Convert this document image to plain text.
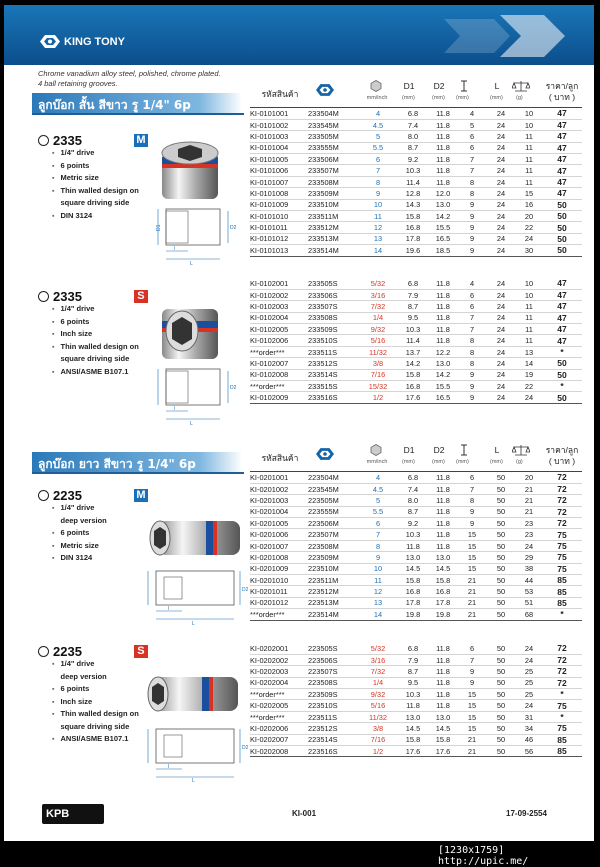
KING TONY
Chrome vanadium alloy steel, polished, chrome plated.
4 ball retaining grooves.
ลูกบ๊อก สั้น สีขาว รู 1/4" 6p
รหัสสินค้า	mm/inch
D1
(mm)
D2
(mm) (mm)
L
(mm) (g)
ราคา/ลูก
( บาท )
2335	M
▪ 1/4" drive
▪ 6 points
▪ Metric size
▪ Thin walled design on
square driving side
▪ DIN 3124
D1	D2
l
L
2335	S
▪ 1/4" drive
▪ 6 points
▪ Inch size
▪ Thin walled design on
square driving side
▪ ANSI/ASME B107.1
D2
l
L
KI-0101001	233504M	4	6.8	11.8	4	24	10	47
KI-0101002	233545M	4.5	7.4	11.8	5	24	10	47
KI-0101003	233505M	5	8.0	11.8	6	24	11	47
KI-0101004	233555M	5.5	8.7	11.8	6	24	11	47
KI-0101005	233506M	6	9.2	11.8	7	24	11	47
KI-0101006	233507M	7	10.3	11.8	7	24	11	47
KI-0101007	233508M	8	11.4	11.8	8	24	11	47
KI-0101008	233509M	9	12.8	12.0	8	24	15	47
KI-0101009	233510M	10	14.3	13.0	9	24	16	50
KI-0101010	233511M	11	15.8	14.2	9	24	20	50
KI-0101011	233512M	12	16.8	15.5	9	24	22	50
KI-0101012	233513M	13	17.8	16.5	9	24	24	50
KI-0101013	233514M	14	19.6	18.5	9	24	30	50
KI-0102001	233505S	5/32	6.8	11.8	4	24	10	47
KI-0102002	233506S	3/16	7.9	11.8	6	24	10	47
KI-0102003	233507S	7/32	8.7	11.8	6	24	11	47
KI-0102004	233508S	1/4	9.5	11.8	7	24	11	47
KI-0102005	233509S	9/32	10.3	11.8	7	24	11	47
KI-0102006	233510S	5/16	11.4	11.8	8	24	11	47
***order***	233511S	11/32	13.7	12.2	8	24	13	*
KI-0102007	233512S	3/8	14.2	13.0	8	24	14	50
KI-0102008	233514S	7/16	15.8	14.2	9	24	19	50
***order***	233515S	15/32	16.8	15.5	9	24	22	*
KI-0102009	233516S	1/2	17.6	16.5	9	24	24	50
ลูกบ๊อก ยาว สีขาว รู 1/4" 6p	รหัสสินค้า	mm/inch
D1
(mm)
D2
(mm) (mm)
L
(mm) (g)
ราคา/ลูก
( บาท )
2235	M
▪ 1/4" drive
deep version
▪ 6 points
▪ Metric size
▪ DIN 3124
D2
l
L
2235	S
▪ 1/4" drive
deep version
▪ 6 points
▪ Inch size
▪ Thin walled design on
square driving side
▪ ANSI/ASME B107.1
D2
l
L
KI-0201001	223504M	4	6.8	11.8	6	50	20	72
KI-0201002	223545M	4.5	7.4	11.8	7	50	21	72
KI-0201003	223505M	5	8.0	11.8	8	50	21	72
KI-0201004	223555M	5.5	8.7	11.8	9	50	21	72
KI-0201005	223506M	6	9.2	11.8	9	50	23	72
KI-0201006	223507M	7	10.3	11.8	15	50	23	75
KI-0201007	223508M	8	11.8	11.8	15	50	24	75
KI-0201008	223509M	9	13.0	13.0	15	50	29	75
KI-0201009	223510M	10	14.5	14.5	15	50	38	75
KI-0201010	223511M	11	15.8	15.8	21	50	44	85
KI-0201011	223512M	12	16.8	16.8	21	50	53	85
KI-0201012	223513M	13	17.8	17.8	21	50	51	85
***order***	223514M	14	19.8	19.8	21	50	68	*
KI-0202001	223505S	5/32	6.8	11.8	6	50	24	72
KI-0202002	223506S	3/16	7.9	11.8	7	50	24	72
KI-0202003	223507S	7/32	8.7	11.8	9	50	25	72
KI-0202004	223508S	1/4	9.5	11.8	9	50	25	72
***order***	223509S	9/32	10.3	11.8	15	50	25	*
KI-0202005	223510S	5/16	11.8	11.8	15	50	24	75
***order***	223511S	11/32	13.0	13.0	15	50	31	*
KI-0202006	223512S	3/8	14.5	14.5	15	50	34	75
KI-0202007	223514S	7/16	15.8	15.8	21	50	46	85
KI-0202008	223516S	1/2	17.6	17.6	21	50	56	85
KPB	KI-001	17-09-2554
[1230x1759] http://upic.me/
